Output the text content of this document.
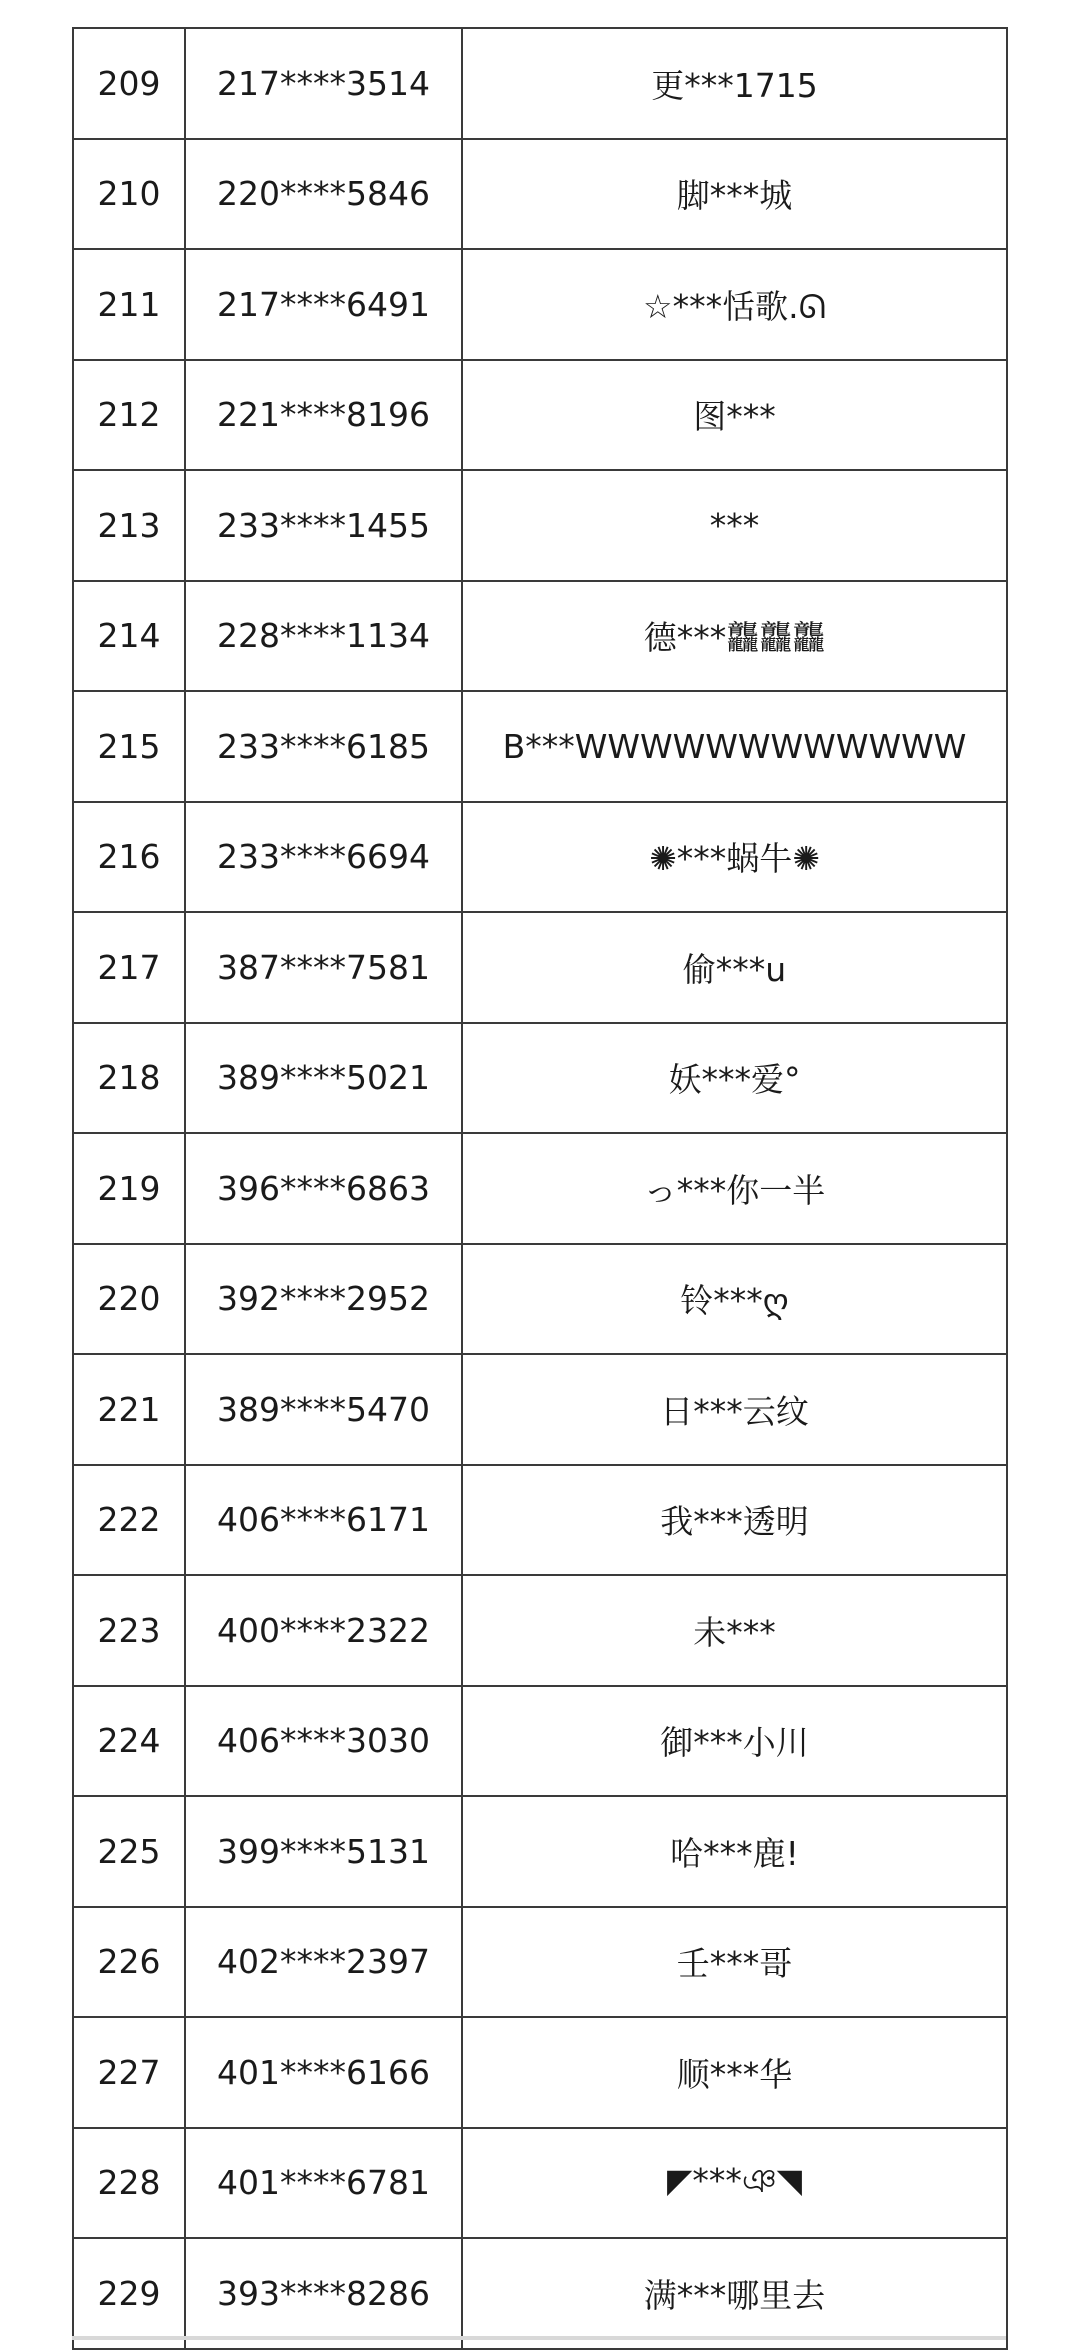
209	217****3514	更***1715
210	220****5846	脚***城
211	217****6491	☆***恬歌.ᘏ
212	221****8196	图***
213	233****1455	***
214	228****1134	德***龘龘龘
215	233****6185	B***WWWWWWWWWWWW
216	233****6694	✺***蜗牛✺
217	387****7581	偷***u
218	389****5021	妖***爱°
219	396****6863	っ***你一半
220	392****2952	铃***ღ
221	389****5470	日***云纹
222	406****6171	我***透明
223	400****2322	未***
224	406****3030	御***小川
225	399****5131	哈***鹿!
226	402****2397	壬***哥
227	401****6166	顺***华
228	401****6781	◤***ঞ◥
229	393****8286	满***哪里去
